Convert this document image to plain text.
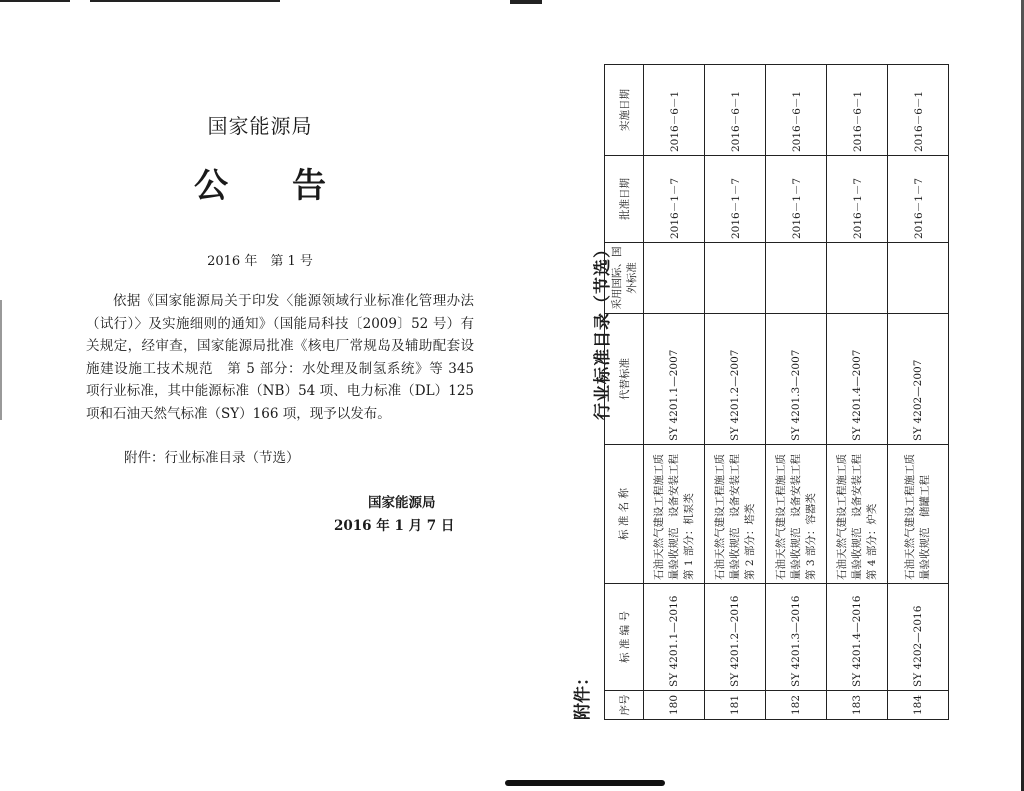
国家能源局
公告
2016 年　第 1 号
依据《国家能源局关于印发〈能源领域行业标准化管理办法（试行）〉及实施细则的通知》（国能局科技〔2009〕52 号）有关规定，经审查，国家能源局批准《核电厂常规岛及辅助配套设施建设施工技术规范　第 5 部分：水处理及制氢系统》等 345 项行业标准，其中能源标准（NB）54 项、电力标准（DL）125 项和石油天然气标准（SY）166 项，现予以发布。
附件：行业标准目录（节选）
国家能源局
2016 年 1 月 7 日
附件：
行业标准目录（节选）
序号	标 准 编 号	标 准 名 称	代替标准	采用国际、国外标准	批准日期	实施日期
180	SY 4201.1—2016	石油天然气建设工程施工质量验收规范　设备安装工程　第 1 部分：机泵类	SY 4201.1—2007		2016－1－7	2016－6－1
181	SY 4201.2—2016	石油天然气建设工程施工质量验收规范　设备安装工程　第 2 部分：塔类	SY 4201.2—2007		2016－1－7	2016－6－1
182	SY 4201.3—2016	石油天然气建设工程施工质量验收规范　设备安装工程　第 3 部分：容器类	SY 4201.3—2007		2016－1－7	2016－6－1
183	SY 4201.4—2016	石油天然气建设工程施工质量验收规范　设备安装工程　第 4 部分：炉类	SY 4201.4—2007		2016－1－7	2016－6－1
184	SY 4202—2016	石油天然气建设工程施工质量验收规范　储罐工程	SY 4202—2007		2016－1－7	2016－6－1
